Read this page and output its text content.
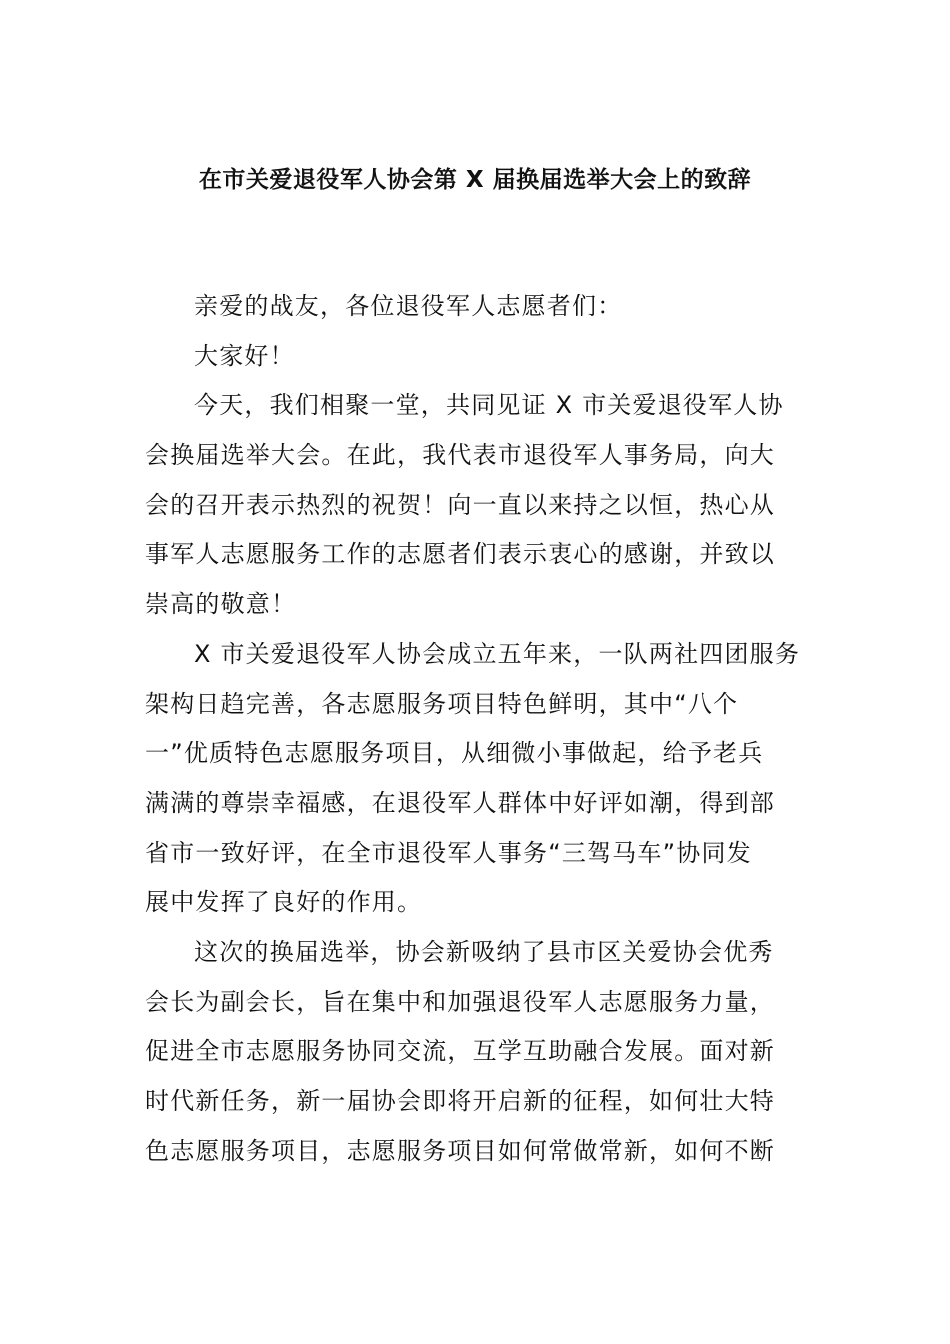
在市关爱退役军人协会第 X 届换届选举大会上的致辞
亲爱的战友，各位退役军人志愿者们：
大家好！
今天，我们相聚一堂，共同见证 X 市关爱退役军人协
会换届选举大会。在此，我代表市退役军人事务局，向大
会的召开表示热烈的祝贺！向一直以来持之以恒，热心从
事军人志愿服务工作的志愿者们表示衷心的感谢，并致以
崇高的敬意！
X 市关爱退役军人协会成立五年来，一队两社四团服务
架构日趋完善，各志愿服务项目特色鲜明，其中“八个
一”优质特色志愿服务项目，从细微小事做起，给予老兵
满满的尊崇幸福感，在退役军人群体中好评如潮，得到部
省市一致好评，在全市退役军人事务“三驾马车”协同发
展中发挥了良好的作用。
这次的换届选举，协会新吸纳了县市区关爱协会优秀
会长为副会长，旨在集中和加强退役军人志愿服务力量，
促进全市志愿服务协同交流，互学互助融合发展。面对新
时代新任务，新一届协会即将开启新的征程，如何壮大特
色志愿服务项目，志愿服务项目如何常做常新，如何不断
